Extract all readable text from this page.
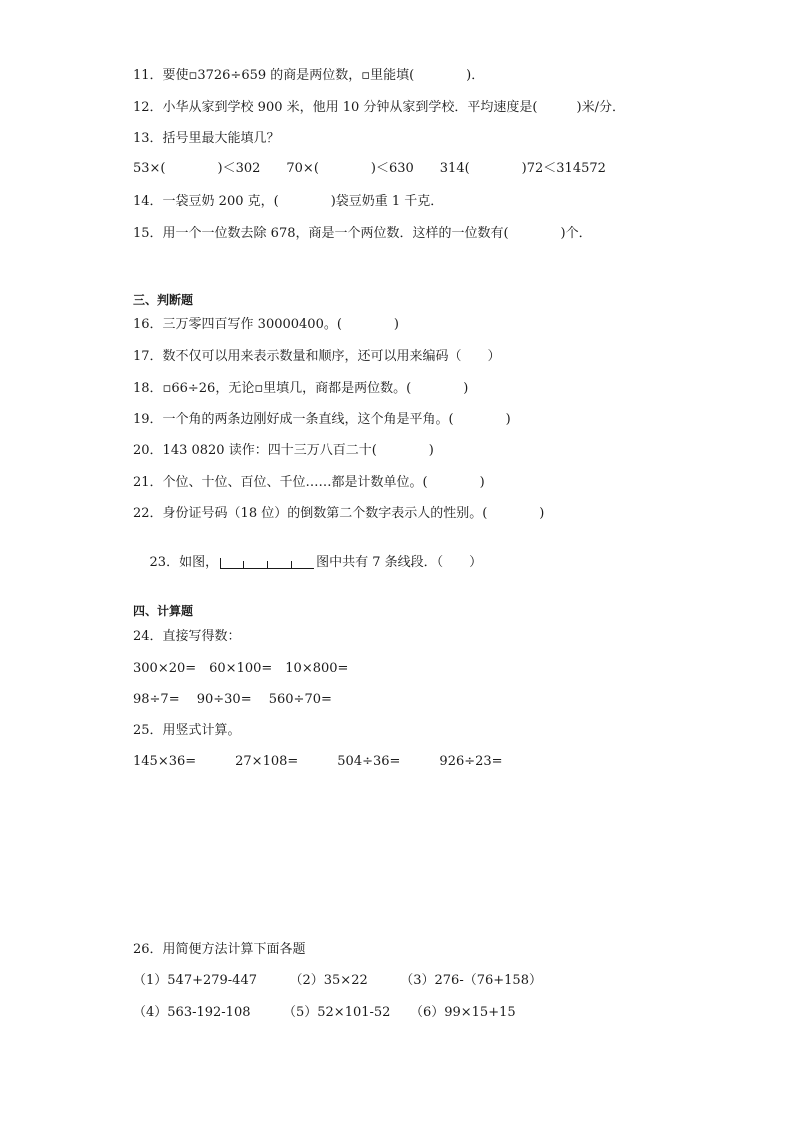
11．要使▫3726÷659 的商是两位数，▫里能填(　　　　)．
12．小华从家到学校 900 米，他用 10 分钟从家到学校．平均速度是(　　　)米/分．
13．括号里最大能填几？
53×(　　　　)＜302　　70×(　　　　)＜630　　314(　　　　)72＜314572
14．一袋豆奶 200 克，(　　　　)袋豆奶重 1 千克．
15．用一个一位数去除 678，商是一个两位数．这样的一位数有(　　　　)个．
三、判断题
16．三万零四百写作 30000400。(　　　　)
17．数不仅可以用来表示数量和顺序，还可以用来编码（　　）
18．▫66÷26，无论▫里填几，商都是两位数。(　　　　)
19．一个角的两条边刚好成一条直线，这个角是平角。(　　　　)
20．143 0820 读作：四十三万八百二十(　　　　)
21．个位、十位、百位、千位……都是计数单位。(　　　　)
22．身份证号码（18 位）的倒数第二个数字表示人的性别。(　　　　)

23．如图，	图中共有 7 条线段．（　　）

四、计算题
24．直接写得数：
300×20=　60×100=　10×800=
98÷7=　 90÷30=　 560÷70=
25．用竖式计算。
145×36=　　　27×108=　　　504÷36=　　　926÷23=
26．用简便方法计算下面各题
（1）547+279-447　　　（2）35×22　　　（3）276-（76+158）
（4）563-192-108　　　（5）52×101-52　　（6）99×15+15
